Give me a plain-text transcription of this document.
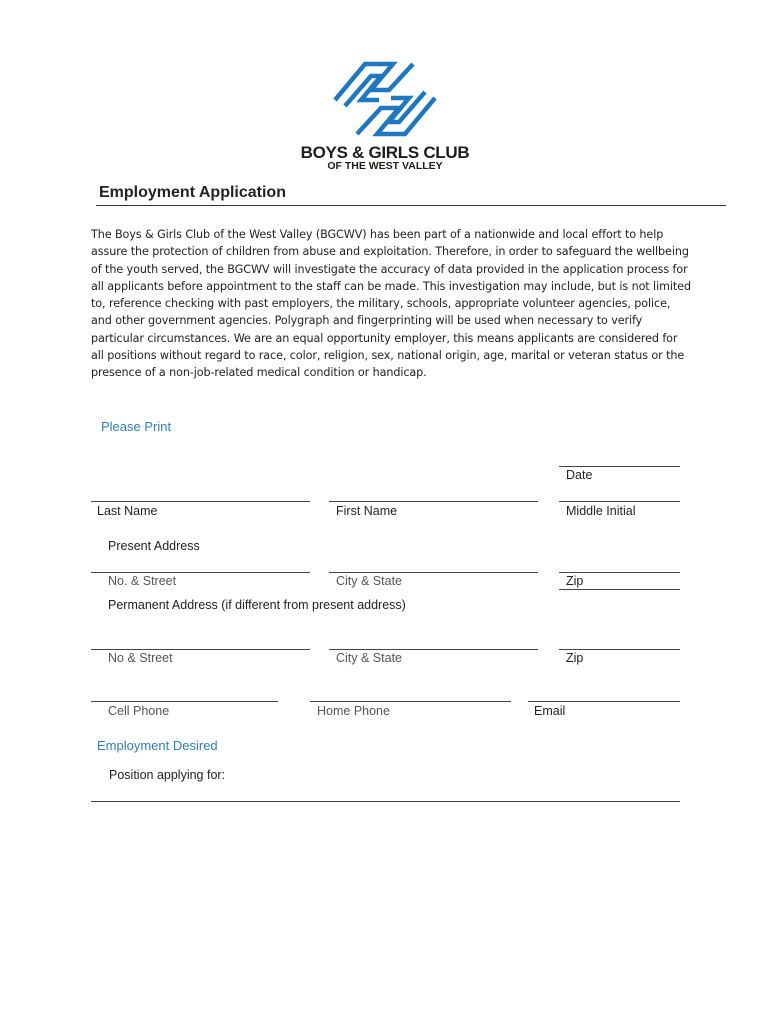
BOYS & GIRLS CLUB
OF THE WEST VALLEY
Employment Application
The Boys & Girls Club of the West Valley (BGCWV) has been part of a nationwide and local effort to help assure the protection of children from abuse and exploitation. Therefore, in order to safeguard the wellbeing of the youth served, the BGCWV will investigate the accuracy of data provided in the application process for all applicants before appointment to the staff can be made. This investigation may include, but is not limited to, reference checking with past employers, the military, schools, appropriate volunteer agencies, police, and other government agencies. Polygraph and fingerprinting will be used when necessary to verify particular circumstances. We are an equal opportunity employer, this means applicants are considered for all positions without regard to race, color, religion, sex, national origin, age, marital or veteran status or the presence of a non-job-related medical condition or handicap.
Please Print
Date
Last Name	First Name	Middle Initial
Present Address
No. & Street	City & State	Zip
Permanent Address (if different from present address)
No & Street	City & State	Zip
Cell Phone	Home Phone	Email
Employment Desired
Position applying for:
